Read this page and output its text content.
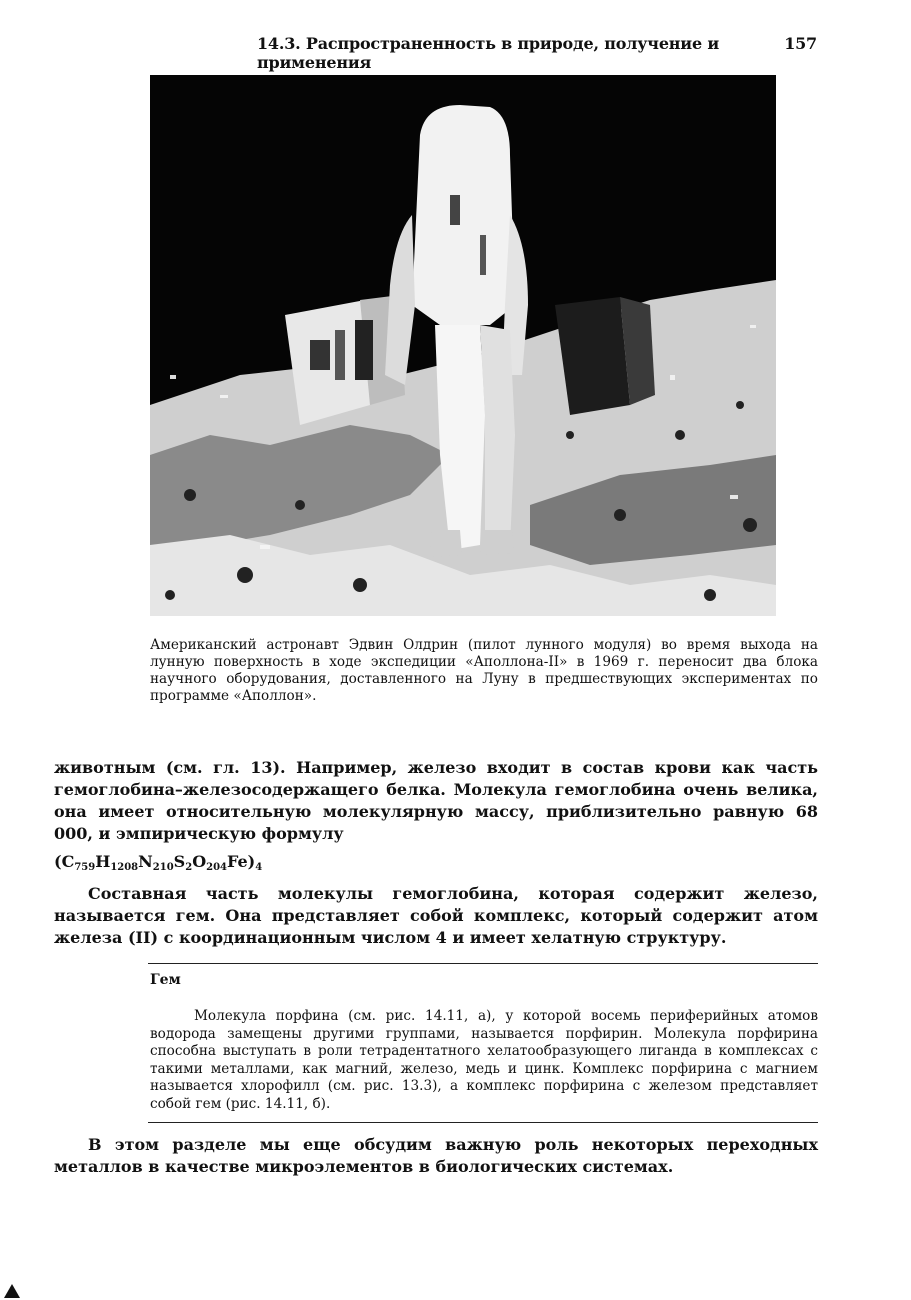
14.3. Распространенность в природе, получение и применения
157
Американский астронавт Эдвин Олдрин (пилот лунного модуля) во время выхода на лунную поверхность в ходе экспедиции «Аполлона-II» в 1969 г. переносит два блока научного оборудования, доставленного на Луну в предшествующих экспериментах по программе «Аполлон».
животным (см. гл. 13). Например, железо входит в состав крови как часть гемоглобина–железосодержащего белка. Молекула гемоглобина очень велика, она имеет относительную молекулярную массу, приблизительно равную 68 000, и эмпирическую формулу
(C759H1208N210S2O204Fe)4
Составная часть молекулы гемоглобина, которая содержит железо, называется гем. Она представляет собой комплекс, который содержит атом железа (II) с координационным числом 4 и имеет хелатную структуру.
Гем
Молекула порфина (см. рис. 14.11, а), у которой восемь периферийных атомов водорода замещены другими группами, называется порфирин. Молекула порфирина способна выступать в роли тетрадентатного хелатообразующего лиганда в комплексах с такими металлами, как магний, железо, медь и цинк. Комплекс порфирина с магнием называется хлорофилл (см. рис. 13.3), а комплекс порфирина с железом представляет собой гем (рис. 14.11, б).
В этом разделе мы еще обсудим важную роль некоторых переходных металлов в качестве микроэлементов в биологических системах.
